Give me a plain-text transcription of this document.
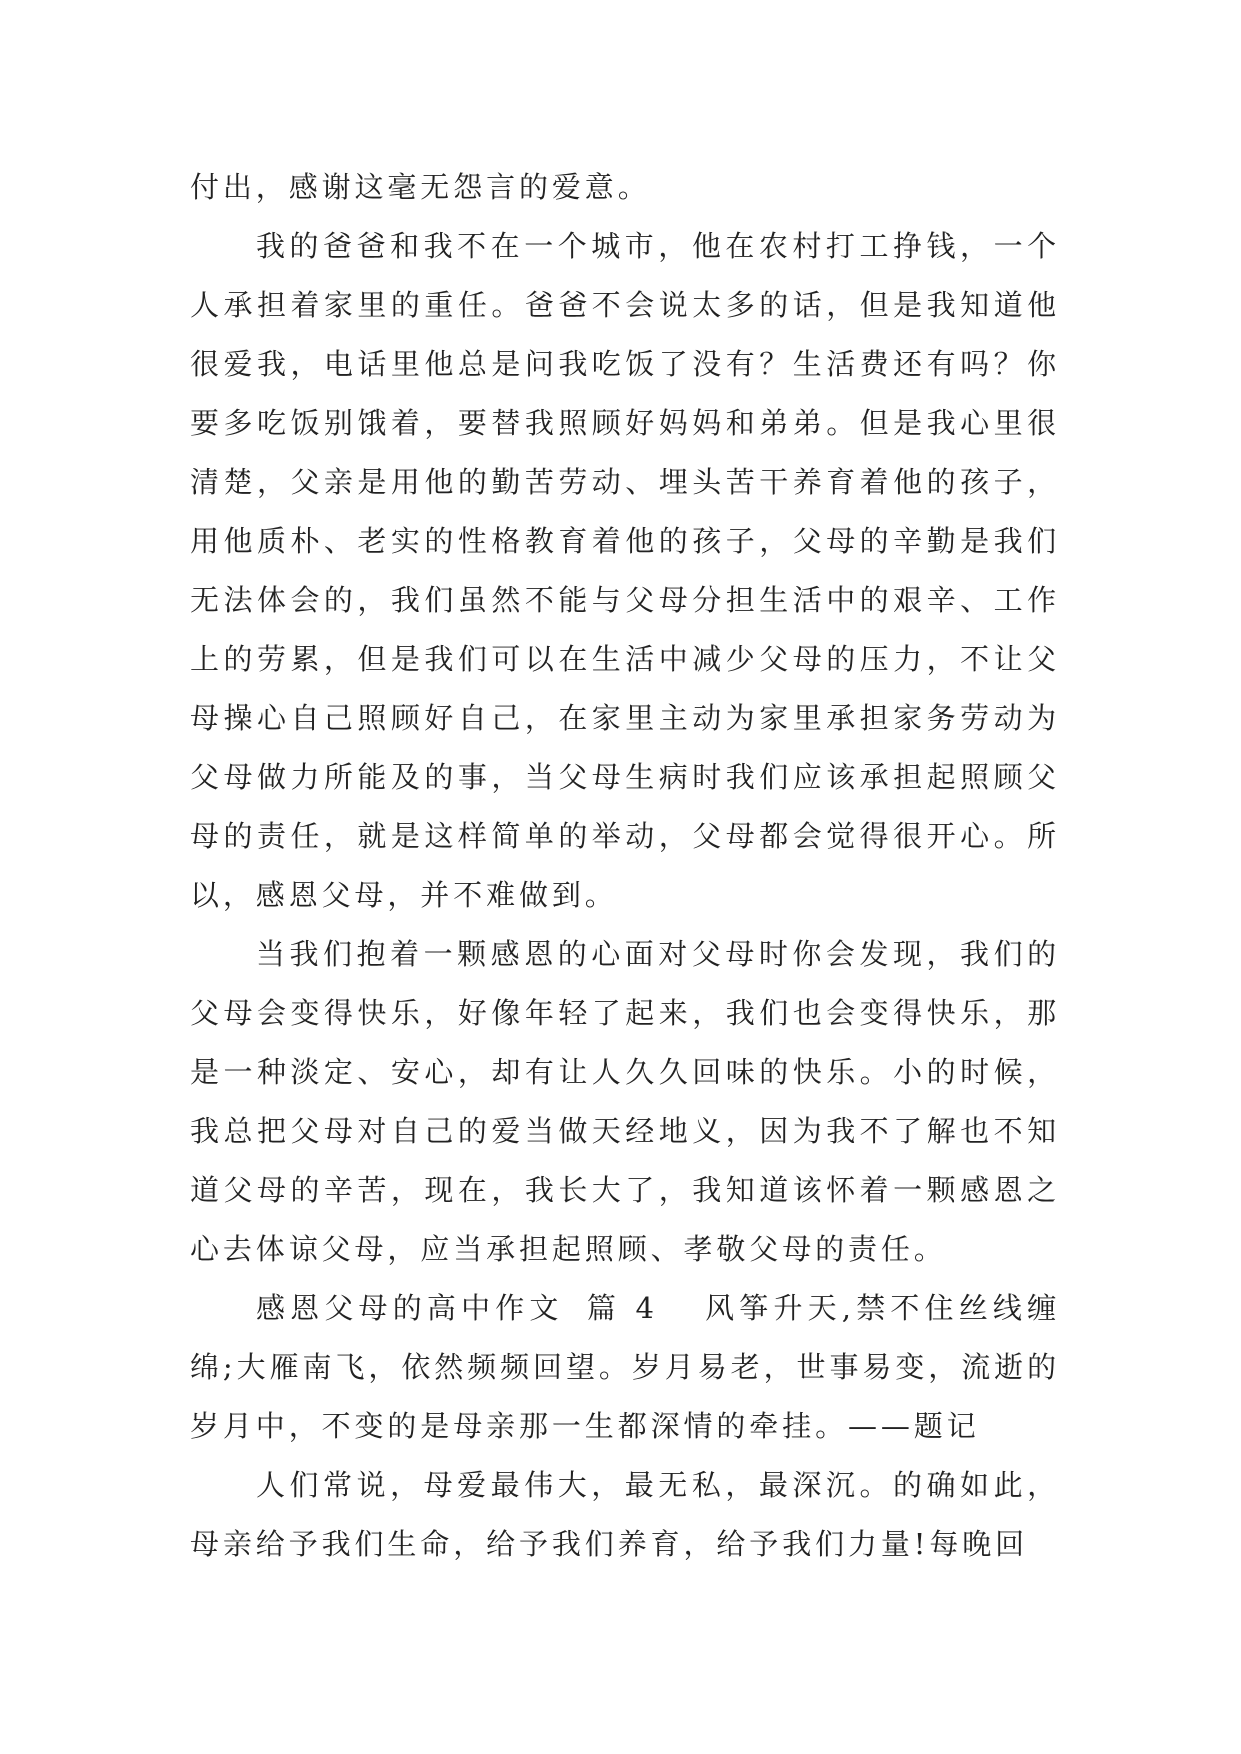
付出，感谢这毫无怨言的爱意。

我的爸爸和我不在一个城市，他在农村打工挣钱，一个人承担着家里的重任。爸爸不会说太多的话，但是我知道他很爱我，电话里他总是问我吃饭了没有？生活费还有吗？你要多吃饭别饿着，要替我照顾好妈妈和弟弟。但是我心里很清楚，父亲是用他的勤苦劳动、埋头苦干养育着他的孩子，用他质朴、老实的性格教育着他的孩子，父母的辛勤是我们无法体会的，我们虽然不能与父母分担生活中的艰辛、工作上的劳累，但是我们可以在生活中减少父母的压力，不让父母操心自己照顾好自己，在家里主动为家里承担家务劳动为父母做力所能及的事，当父母生病时我们应该承担起照顾父母的责任，就是这样简单的举动，父母都会觉得很开心。所以，感恩父母，并不难做到。

当我们抱着一颗感恩的心面对父母时你会发现，我们的父母会变得快乐，好像年轻了起来，我们也会变得快乐，那是一种淡定、安心，却有让人久久回味的快乐。小的时候，我总把父母对自己的爱当做天经地义，因为我不了解也不知道父母的辛苦，现在，我长大了，我知道该怀着一颗感恩之心去体谅父母，应当承担起照顾、孝敬父母的责任。

感恩父母的高中作文 篇 4 风筝升天,禁不住丝线缠绵;大雁南飞，依然频频回望。岁月易老，世事易变，流逝的岁月中，不变的是母亲那一生都深情的牵挂。——题记

人们常说，母爱最伟大，最无私，最深沉。的确如此，母亲给予我们生命，给予我们养育，给予我们力量!每晚回
